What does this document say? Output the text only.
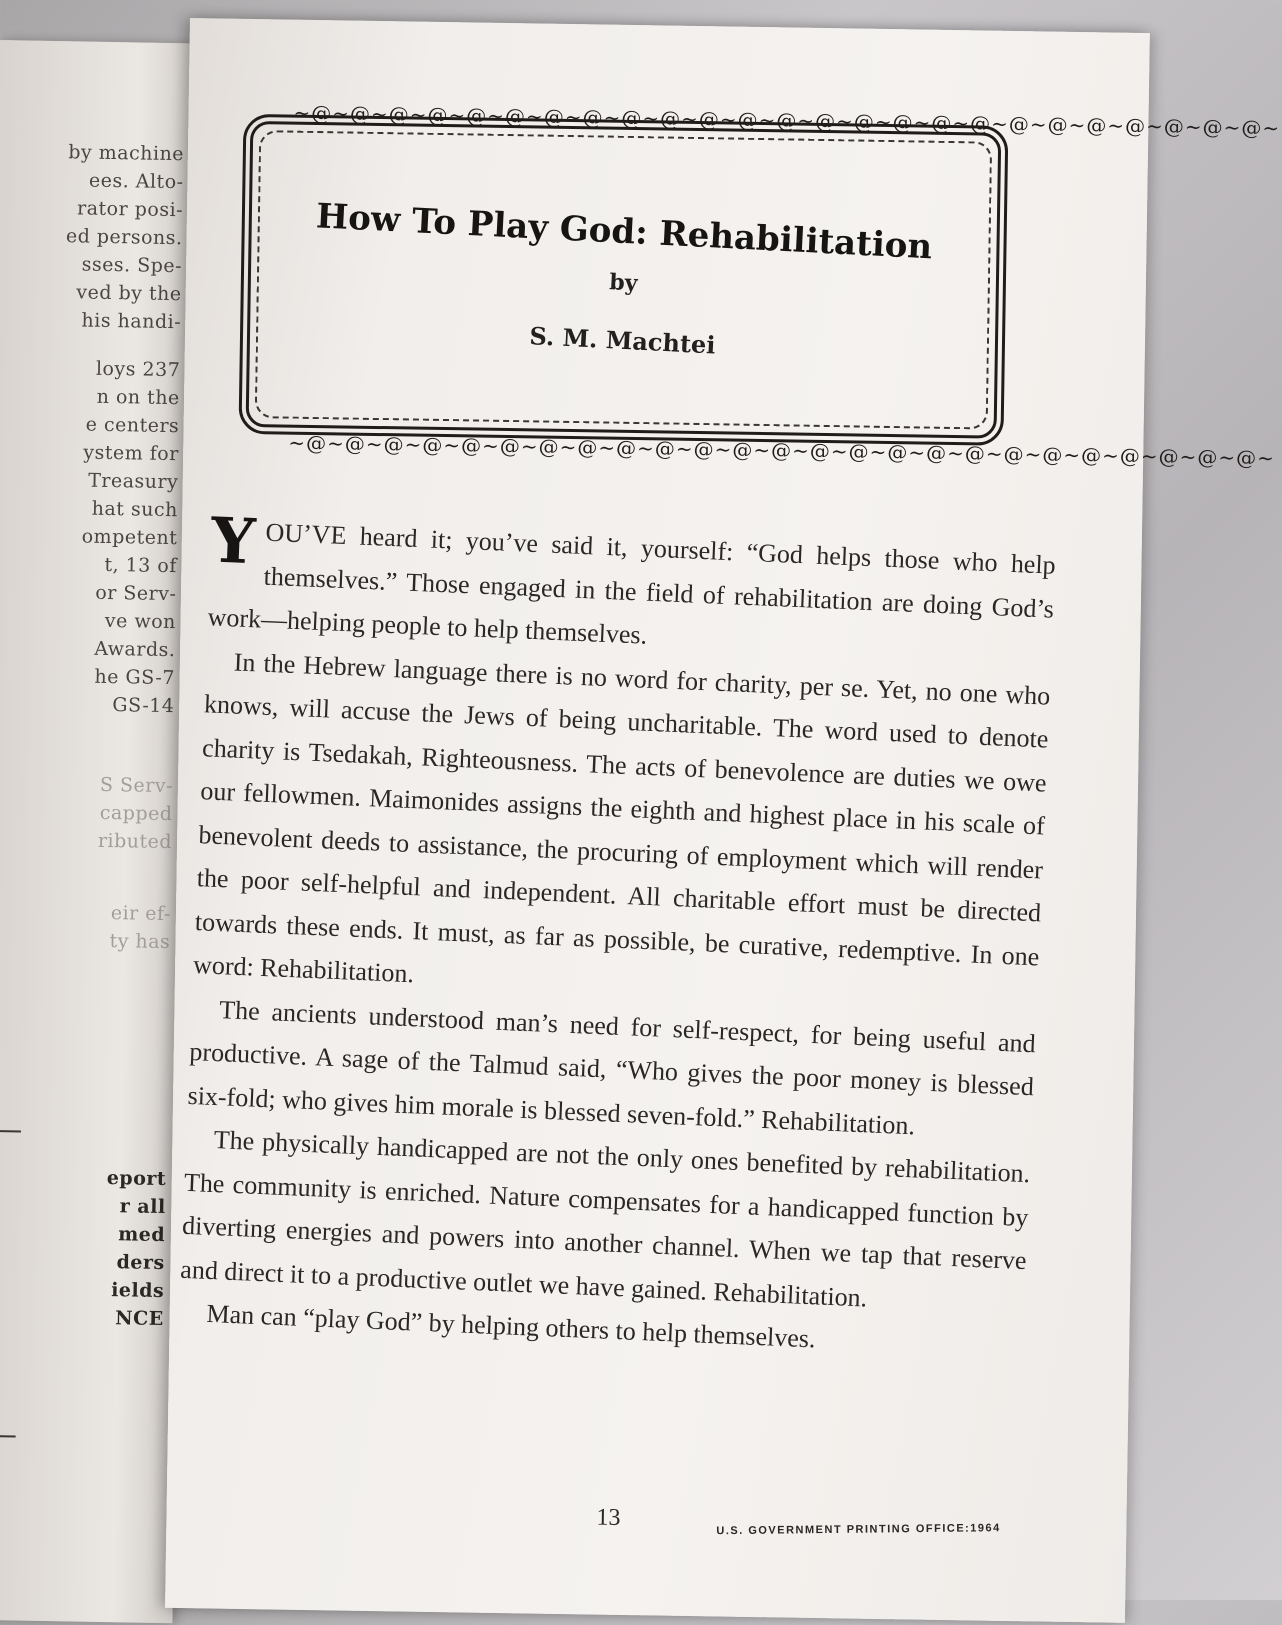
by machine
ees. Alto-
rator posi-
ed persons.
sses. Spe-
ved by the
his handi-
loys 237
n on the
e centers
ystem for
Treasury
hat such
ompetent
t, 13 of
or Serv-
ve won
Awards.
he GS-7
GS-14
S Serv-
capped
ributed
eir ef-
ty has
eport
r all
med
ders
ields
NCE
~@~@~@~@~@~@~@~@~@~@~@~@~@~@~@~@~@~@~@~@~@~@~@~@~@~
How To Play God: Rehabilitation
by
S. M. Machtei
~@~@~@~@~@~@~@~@~@~@~@~@~@~@~@~@~@~@~@~@~@~@~@~@~@~

YOU’VE heard it; you’ve said it, yourself: “God helps those who help themselves.” Those engaged in the field of rehabilitation are doing God’s work—helping people to help themselves.

In the Hebrew language there is no word for charity, per se. Yet, no one who knows, will accuse the Jews of being uncharitable. The word used to denote charity is Tsedakah, Righteousness. The acts of benevolence are duties we owe our fellowmen. Maimonides assigns the eighth and highest place in his scale of benevolent deeds to assistance, the procuring of employment which will render the poor self-helpful and independent. All charitable effort must be directed towards these ends. It must, as far as possible, be curative, redemptive. In one word: Rehabilitation.

The ancients understood man’s need for self-respect, for being useful and productive. A sage of the Talmud said, “Who gives the poor money is blessed six-fold; who gives him morale is blessed seven-fold.” Rehabilitation.

The physically handicapped are not the only ones benefited by rehabilitation. The community is enriched. Nature compensates for a handicapped function by diverting energies and powers into another channel. When we tap that reserve and direct it to a productive outlet we have gained. Rehabilitation.

Man can “play God” by helping others to help themselves.

13	U.S. GOVERNMENT PRINTING OFFICE:1964
